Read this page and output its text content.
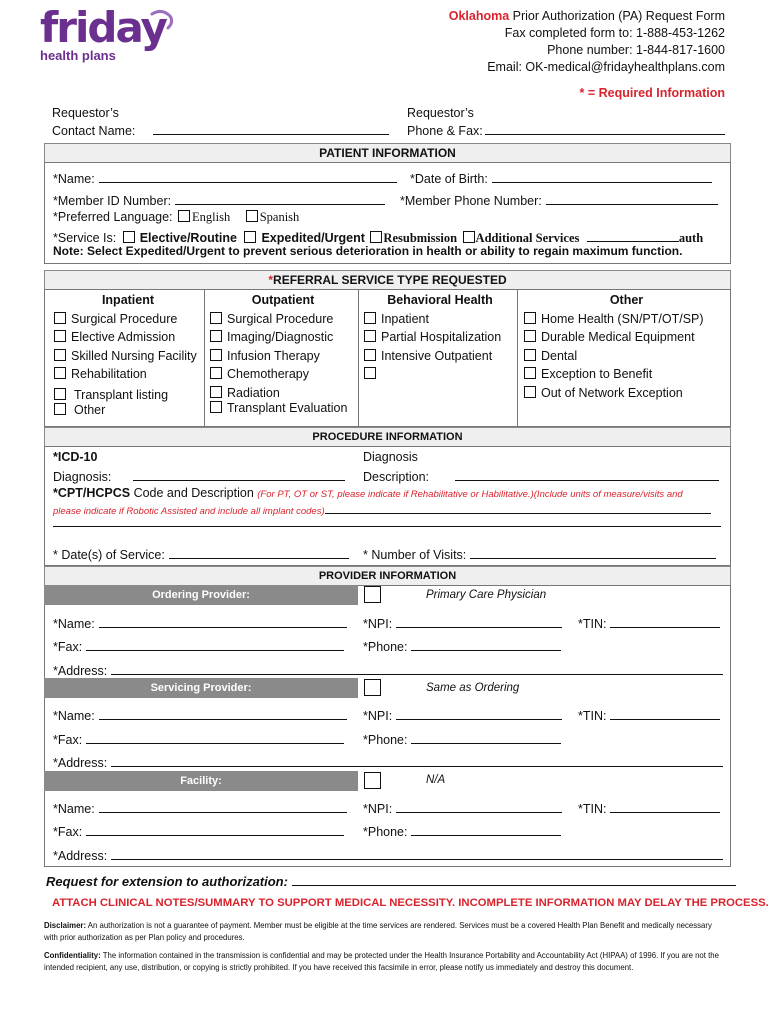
friday
health plans
Oklahoma Prior Authorization (PA) Request Form
Fax completed form to: 1-888-453-1262
Phone number: 1-844-817-1600
Email: OK-medical@fridayhealthplans.com
* = Required Information
Requestor’s
Contact Name:
Requestor’s
Phone & Fax:
PATIENT INFORMATION
*Name:	*Date of Birth:
*Member ID Number:	*Member Phone Number:
*Preferred Language: English Spanish
*Service Is: Elective/Routine Expedited/Urgent Resubmission Additional Services	auth
Note: Select Expedited/Urgent to prevent serious deterioration in health or ability to regain maximum function.
*REFERRAL SERVICE TYPE REQUESTED
Inpatient
Surgical Procedure
Elective Admission
Skilled Nursing Facility
Rehabilitation
Transplant listing
Other
Outpatient
Surgical Procedure
Imaging/Diagnostic
Infusion Therapy
Chemotherapy
Radiation
Transplant Evaluation
Behavioral Health
Inpatient
Partial Hospitalization
Intensive Outpatient
Other
Home Health (SN/PT/OT/SP)
Durable Medical Equipment
Dental
Exception to Benefit
Out of Network Exception
PROCEDURE INFORMATION
*ICD-10
Diagnosis:
Diagnosis
Description:
*CPT/HCPCS Code and Description (For PT, OT or ST, please indicate if Rehabilitative or Habilitative.)(Include units of measure/visits and
please indicate if Robotic Assisted and include all implant codes)
* Date(s) of Service:	* Number of Visits:
PROVIDER INFORMATION
Ordering Provider:	Primary Care Physician
*Name:	*NPI:	*TIN:
*Fax:	*Phone:
*Address:
Servicing Provider:	Same as Ordering
*Name:	*NPI:	*TIN:
*Fax:	*Phone:
*Address:
Facility:	N/A
*Name:	*NPI:	*TIN:
*Fax:	*Phone:
*Address:
Request for extension to authorization:
ATTACH CLINICAL NOTES/SUMMARY TO SUPPORT MEDICAL NECESSITY. INCOMPLETE INFORMATION MAY DELAY THE PROCESS.
Disclaimer: An authorization is not a guarantee of payment. Member must be eligible at the time services are rendered. Services must be a covered Health Plan Benefit and medically necessary with prior authorization as per Plan policy and procedures.
Confidentiality: The information contained in the transmission is confidential and may be protected under the Health Insurance Portability and Accountability Act (HIPAA) of 1996. If you are not the intended recipient, any use, distribution, or copying is strictly prohibited. If you have received this facsimile in error, please notify us immediately and destroy this document.
